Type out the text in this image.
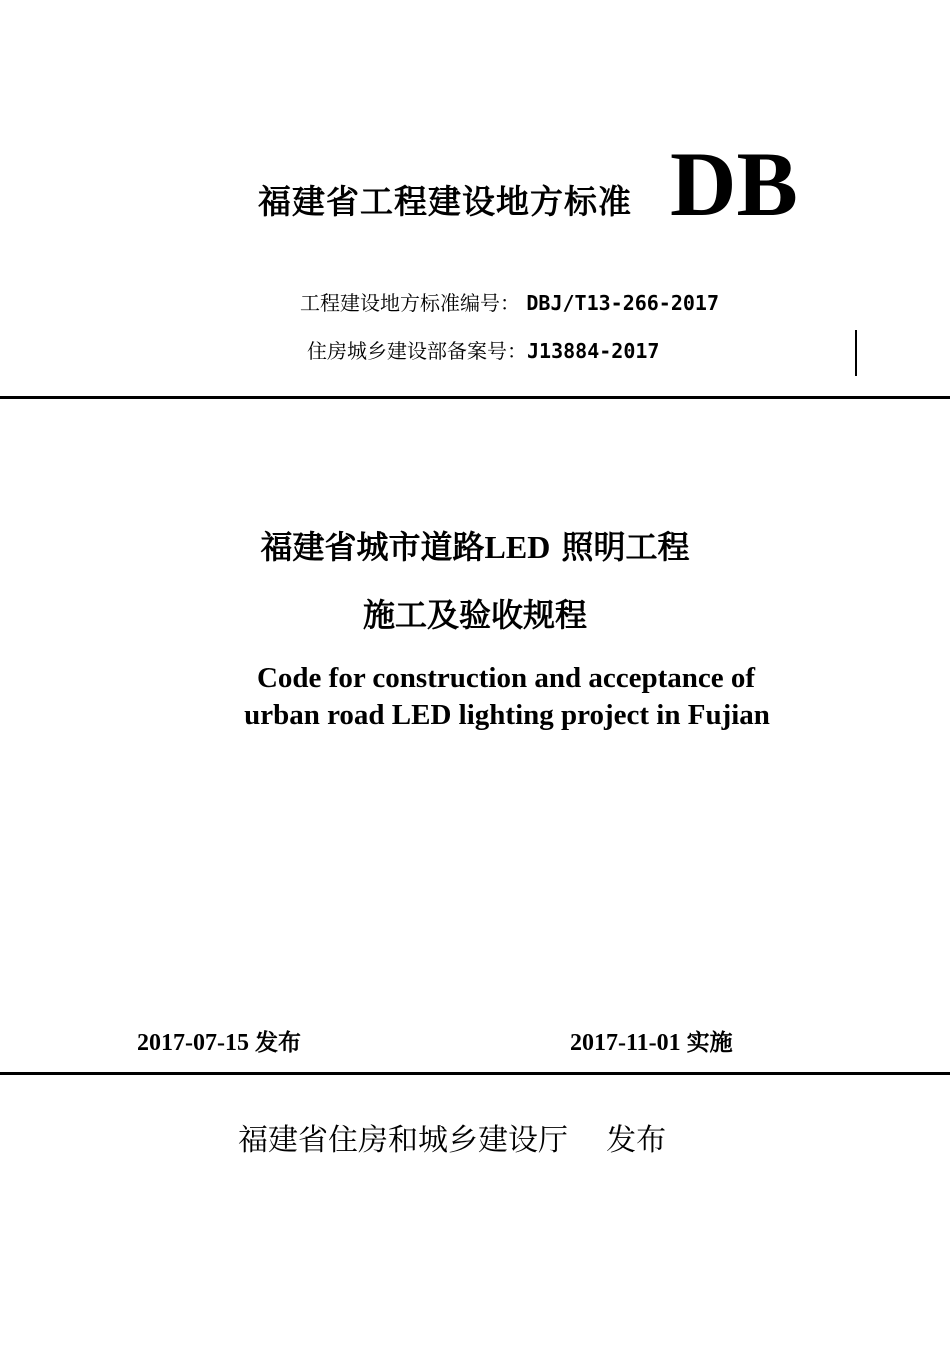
福建省工程建设地方标准 DB
工程建设地方标准编号： DBJ/T13-266-2017
住房城乡建设部备案号：J13884-2017
福建省城市道路LED 照明工程
施工及验收规程
Code for construction and acceptance of
urban road LED lighting project in Fujian
2017-07-15 发布	2017-11-01 实施
福建省住房和城乡建设厅 发布
